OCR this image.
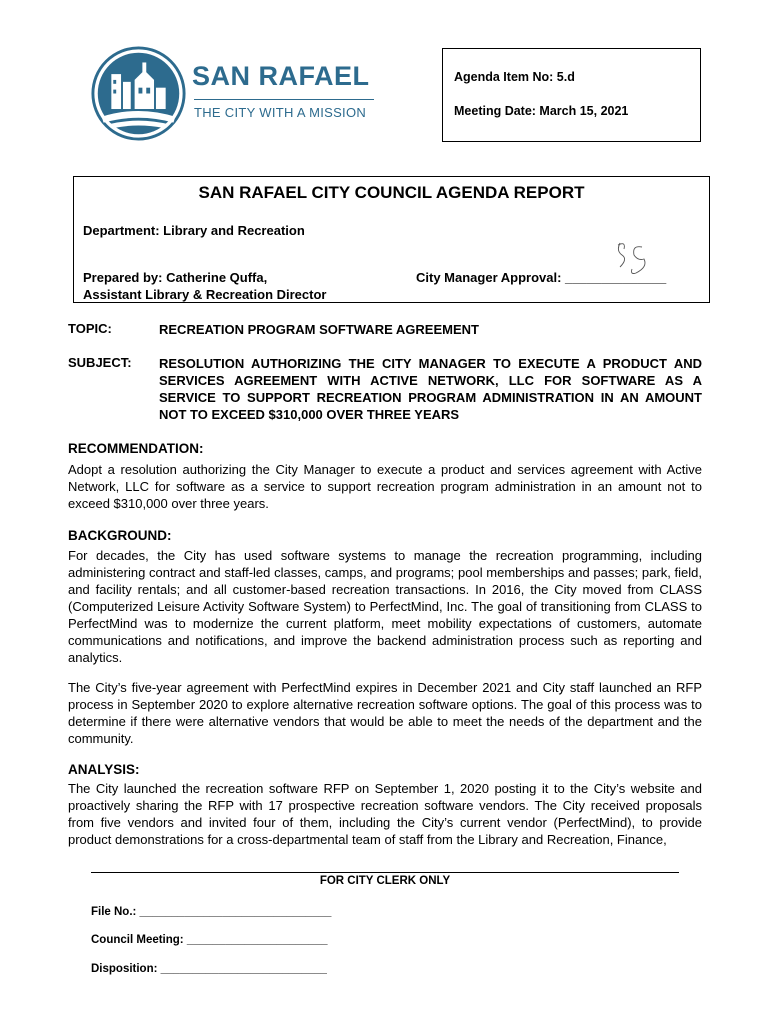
SAN RAFAEL
THE CITY WITH A MISSION
Agenda Item No: 5.d
Meeting Date: March 15, 2021
SAN RAFAEL CITY COUNCIL AGENDA REPORT
Department: Library and Recreation
Prepared by: Catherine Quffa,
Assistant Library & Recreation Director
City Manager Approval: ______________
TOPIC:	RECREATION PROGRAM SOFTWARE AGREEMENT
SUBJECT: RESOLUTION AUTHORIZING THE CITY MANAGER TO EXECUTE A PRODUCT AND SERVICES AGREEMENT WITH ACTIVE NETWORK, LLC FOR SOFTWARE AS A SERVICE TO SUPPORT RECREATION PROGRAM ADMINISTRATION IN AN AMOUNT NOT TO EXCEED $310,000 OVER THREE YEARS
RECOMMENDATION:

Adopt a resolution authorizing the City Manager to execute a product and services agreement with Active Network, LLC for software as a service to support recreation program administration in an amount not to exceed $310,000 over three years.

BACKGROUND:

For decades, the City has used software systems to manage the recreation programming, including administering contract and staff-led classes, camps, and programs; pool memberships and passes; park, field, and facility rentals; and all customer-based recreation transactions. In 2016, the City moved from CLASS (Computerized Leisure Activity Software System) to PerfectMind, Inc. The goal of transitioning from CLASS to PerfectMind was to modernize the current platform, meet mobility expectations of customers, automate communications and notifications, and improve the backend administration process such as reporting and analytics.

The City’s five-year agreement with PerfectMind expires in December 2021 and City staff launched an RFP process in September 2020 to explore alternative recreation software options. The goal of this process was to determine if there were alternative vendors that would be able to meet the needs of the department and the community.

ANALYSIS:

The City launched the recreation software RFP on September 1, 2020 posting it to the City’s website and proactively sharing the RFP with 17 prospective recreation software vendors. The City received proposals from five vendors and invited four of them, including the City’s current vendor (PerfectMind), to provide product demonstrations for a cross-departmental team of staff from the Library and Recreation, Finance,

FOR CITY CLERK ONLY
File No.: ______________________________
Council Meeting: ______________________
Disposition: __________________________
